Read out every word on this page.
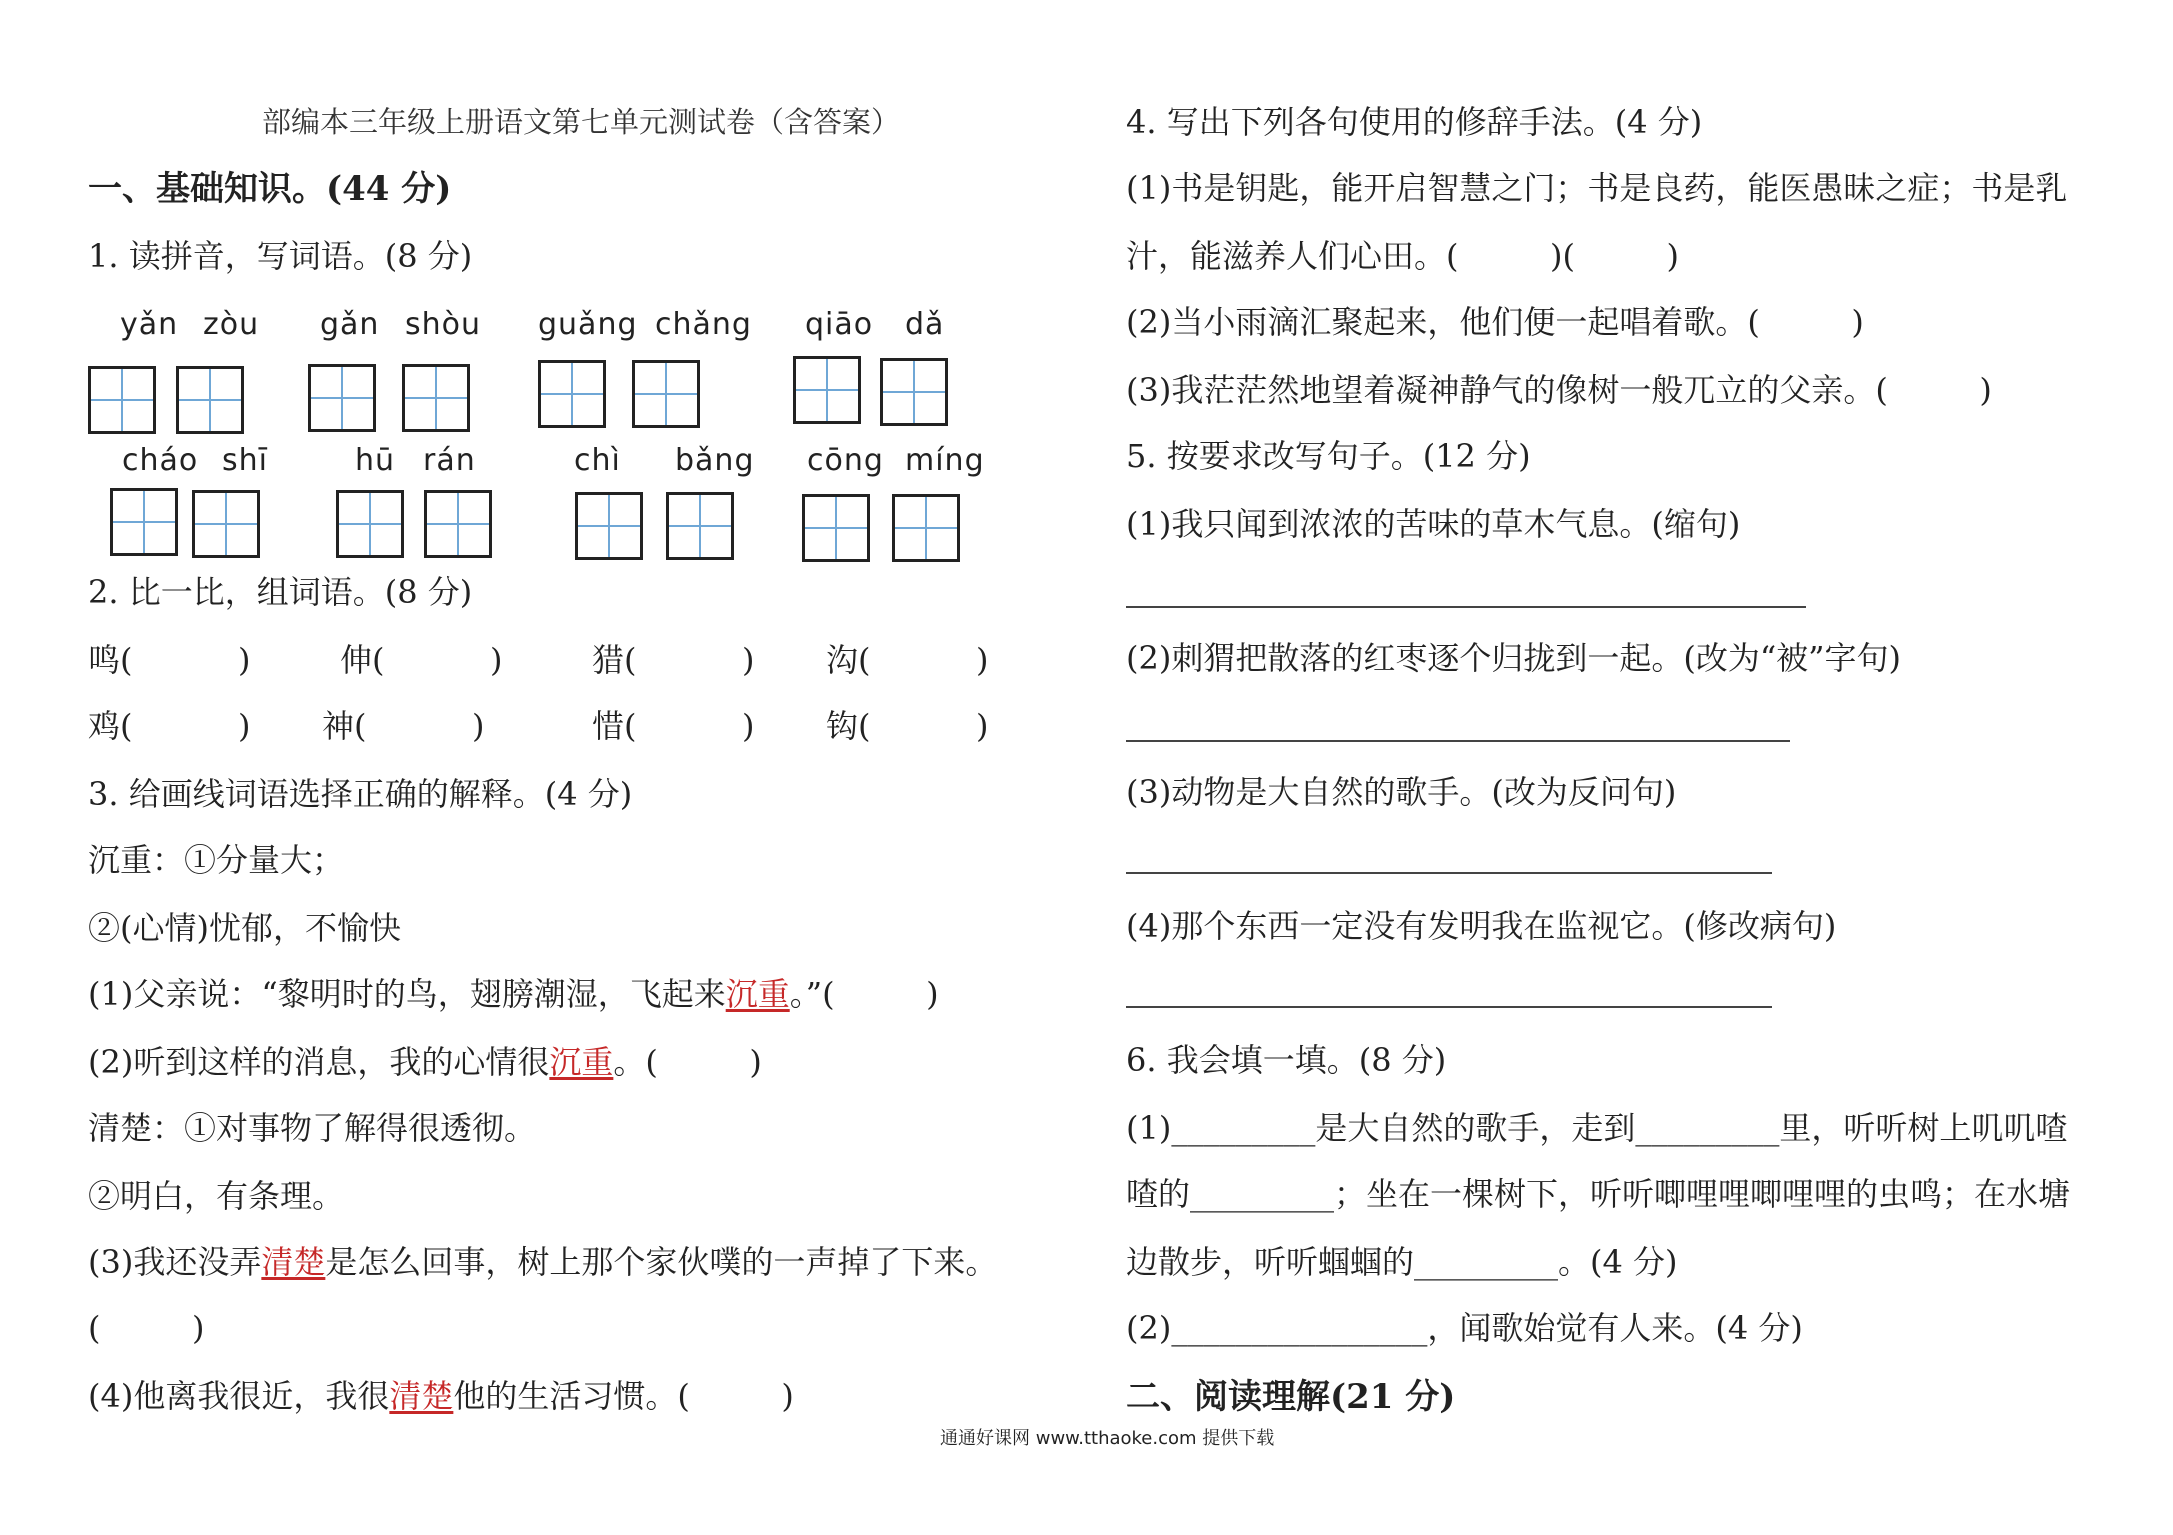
部编本三年级上册语文第七单元测试卷（含答案）
一、基础知识。(44 分)
1. 读拼音，写词语。(8 分)
yǎn zòu gǎn shòu guǎng chǎng qiāo dǎ
cháo shī	hū rán	chì bǎng cōng míng
2. 比一比，组词语。(8 分)
鸣(	)	伸(	)	猎(	) 沟(	)
鸡(	) 神(	)	惜(	) 钩(	)
3. 给画线词语选择正确的解释。(4 分)
沉重：①分量大；
②(心情)忧郁，不愉快
(1)父亲说：“黎明时的鸟，翅膀潮湿，飞起来沉重。”(         )
(2)听到这样的消息，我的心情很沉重。(         )
清楚：①对事物了解得很透彻。
②明白，有条理。
(3)我还没弄清楚是怎么回事，树上那个家伙噗的一声掉了下来。
(         )
(4)他离我很近，我很清楚他的生活习惯。(         )
4. 写出下列各句使用的修辞手法。(4 分)
(1)书是钥匙，能开启智慧之门；书是良药，能医愚昧之症；书是乳
汁，能滋养人们心田。(         )(         )
(2)当小雨滴汇聚起来，他们便一起唱着歌。(         )
(3)我茫茫然地望着凝神静气的像树一般兀立的父亲。(         )
5. 按要求改写句子。(12 分)
(1)我只闻到浓浓的苦味的草木气息。(缩句)
(2)刺猬把散落的红枣逐个归拢到一起。(改为“被”字句)
(3)动物是大自然的歌手。(改为反问句)
(4)那个东西一定没有发明我在监视它。(修改病句)
6. 我会填一填。(8 分)
(1)_________是大自然的歌手，走到_________里，听听树上叽叽喳
喳的_________；坐在一棵树下，听听唧哩哩唧哩哩的虫鸣；在水塘
边散步，听听蝈蝈的_________。(4 分)
(2)________________，闻歌始觉有人来。(4 分)
二、阅读理解(21 分)
通通好课网 www.tthaoke.com 提供下载
